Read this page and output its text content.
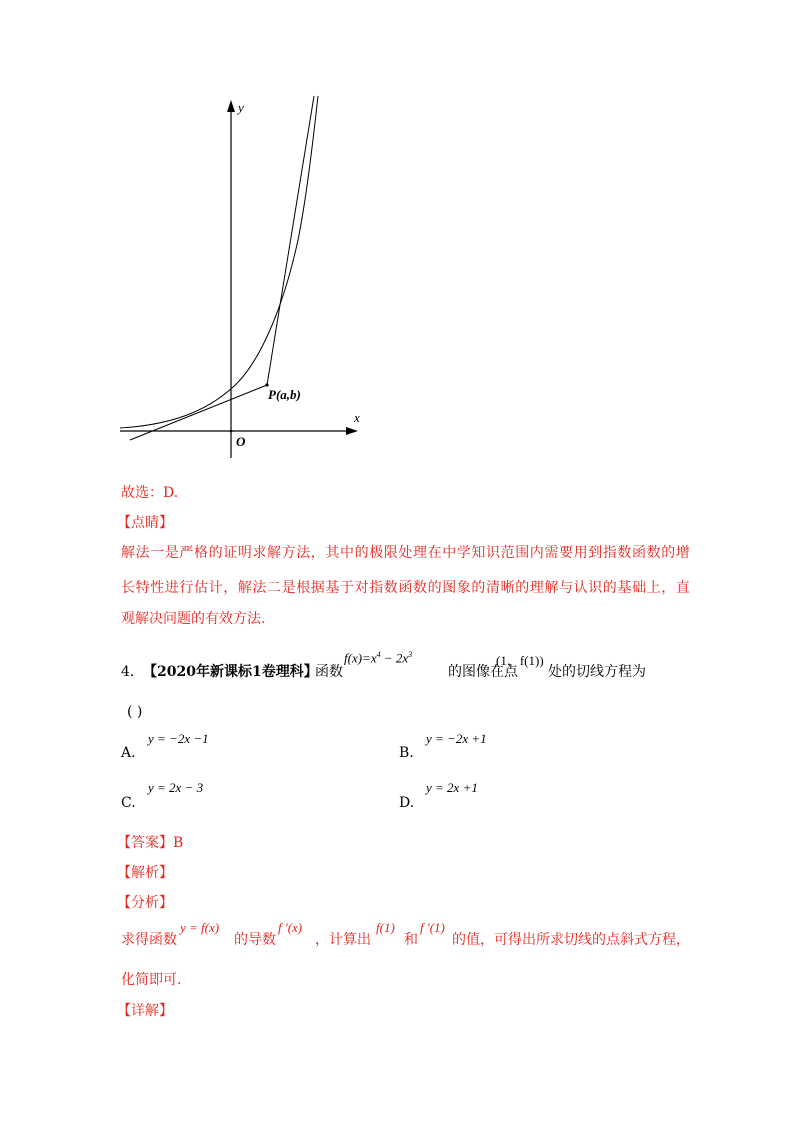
y
x
O
P(a,b)
故选：D.
【点睛】
解法一是严格的证明求解方法，其中的极限处理在中学知识范围内需要用到指数函数的增
长特性进行估计，解法二是根据基于对指数函数的图象的清晰的理解与认识的基础上，直
观解决问题的有效方法.
4． 【2020年新课标1卷理科】
函数
$f(x)=x^4 - 2x^3$
的图像在点
(1，f(1))
处的切线方程为
( )
A.
y = −2x −1
B.
y = −2x +1
C.
y = 2x − 3
D.
y = 2x +1
【答案】B
【解析】
【分析】
求得函数
y = f(x)
的导数
f ′(x)
，计算出
f(1)
和
f ′(1)
的值，可得出所求切线的点斜式方程，
化简即可.
【详解】
